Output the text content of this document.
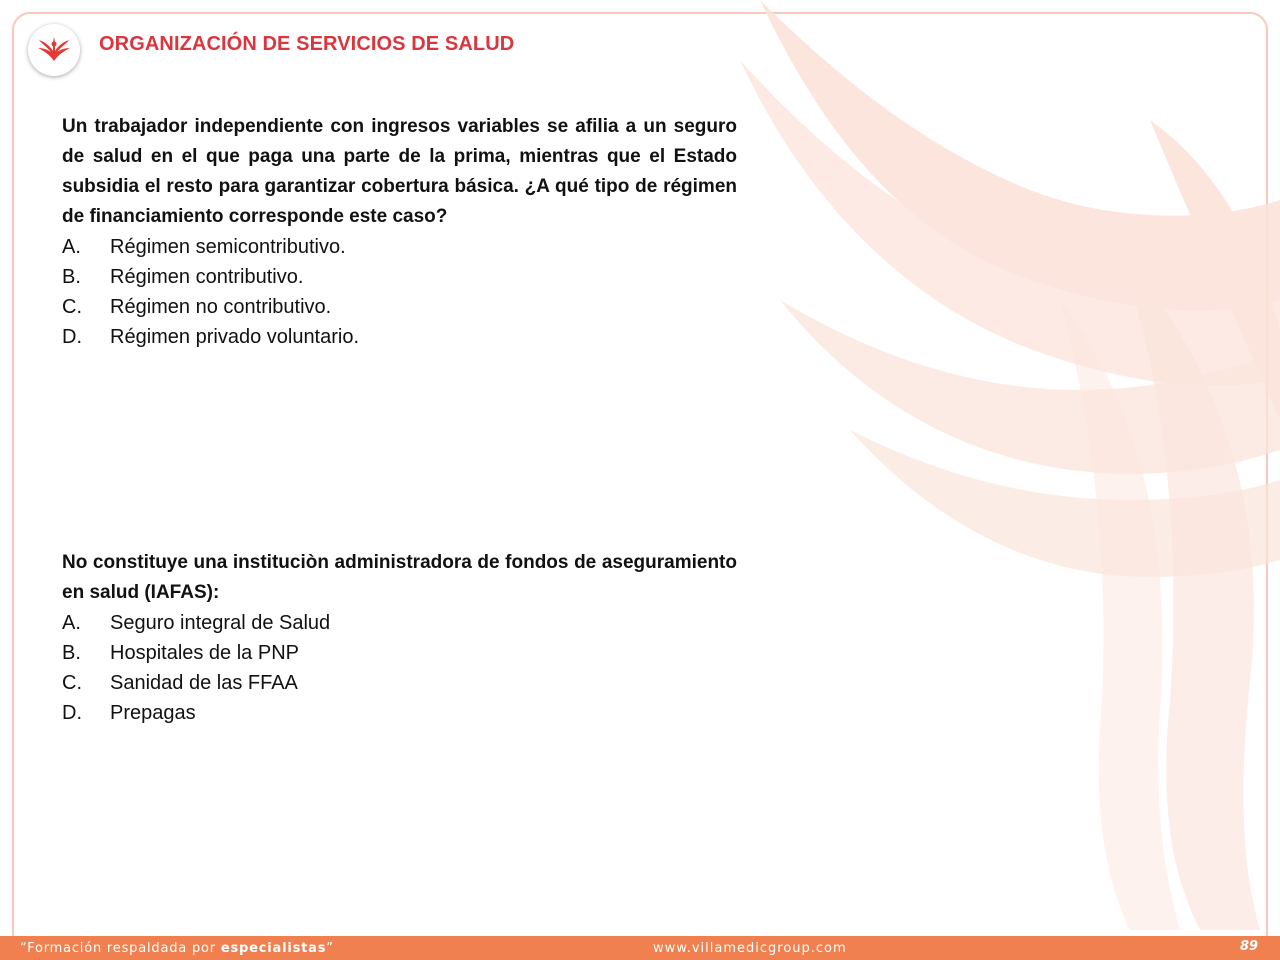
ORGANIZACIÓN DE SERVICIOS DE SALUD
Un trabajador independiente con ingresos variables se afilia a un seguro de salud en el que paga una parte de la prima, mientras que el Estado subsidia el resto para garantizar cobertura básica. ¿A qué tipo de régimen de financiamiento corresponde este caso?
A.	Régimen semicontributivo.
B.	Régimen contributivo.
C.	Régimen no contributivo.
D.	Régimen privado voluntario.
No constituye una instituciòn administradora de fondos de aseguramiento en salud (IAFAS):
A.	Seguro integral de Salud
B.	Hospitales de la PNP
C.	Sanidad de las FFAA
D.	Prepagas
“Formación respaldada por especialistas”	www.villamedicgroup.com	89
